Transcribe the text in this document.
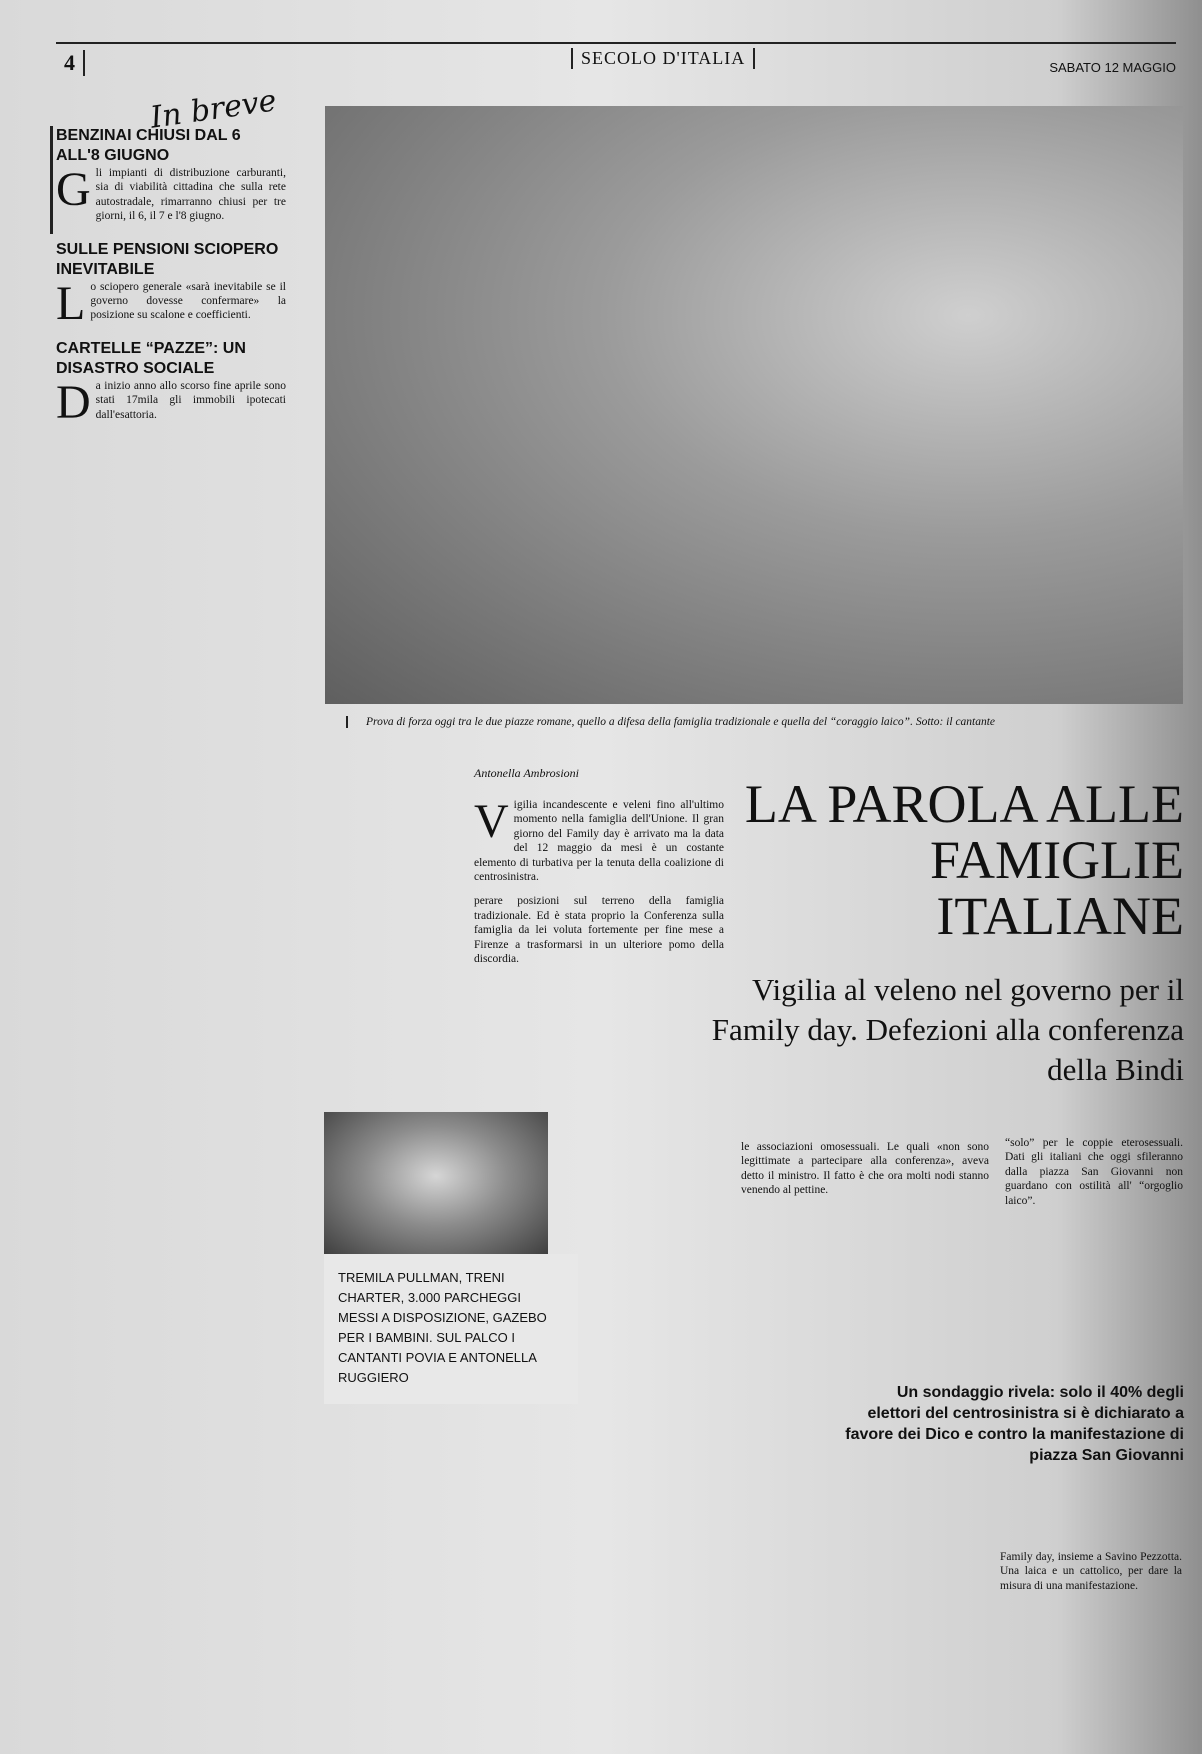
4	SECOLO D'ITALIA	SABATO 12 MAGGIO
In breve
BENZINAI CHIUSI DAL 6 ALL'8 GIUGNO

Gli impianti di distribuzione carburanti, sia di viabilità cittadina che sulla rete autostradale, rimarranno chiusi per tre giorni, il 6, il 7 e l'8 giugno.

SULLE PENSIONI SCIOPERO INEVITABILE

Lo sciopero generale «sarà inevitabile se il governo dovesse confermare» la posizione su scalone e coefficienti.

CARTELLE “PAZZE”: UN DISASTRO SOCIALE

Da inizio anno allo scorso fine aprile sono stati 17mila gli immobili ipotecati dall'esattoria.

Prova di forza oggi tra le due piazze romane, quello a difesa della famiglia tradizionale e quella del “coraggio laico”. Sotto: il cantante
LA PAROLA ALLE FAMIGLIE ITALIANE
Vigilia al veleno nel governo per il Family day. Defezioni alla conferenza della Bindi
Antonella Ambrosioni

Vigilia incandescente e veleni fino all'ultimo momento nella famiglia dell'Unione. Il gran giorno del Family day è arrivato ma la data del 12 maggio da mesi è un costante elemento di turbativa per la tenuta della coalizione di centrosinistra.

perare posizioni sul terreno della famiglia tradizionale. Ed è stata proprio la Conferenza sulla famiglia da lei voluta fortemente per fine mese a Firenze a trasformarsi in un ulteriore pomo della discordia.

le associazioni omosessuali. Le quali «non sono legittimate a partecipare alla conferenza», aveva detto il ministro. Il fatto è che ora molti nodi stanno venendo al pettine.

“solo” per le coppie eterosessuali. Dati gli italiani che oggi sfileranno dalla piazza San Giovanni non guardano con ostilità all' “orgoglio laico”.

TREMILA PULLMAN, TRENI CHARTER, 3.000 PARCHEGGI MESSI A DISPOSIZIONE, GAZEBO PER I BAMBINI. SUL PALCO I CANTANTI POVIA E ANTONELLA RUGGIERO
Un sondaggio rivela: solo il 40% degli elettori del centrosinistra si è dichiarato a favore dei Dico e contro la manifestazione di piazza San Giovanni

Family day, insieme a Savino Pezzotta. Una laica e un cattolico, per dare la misura di una manifestazione.
